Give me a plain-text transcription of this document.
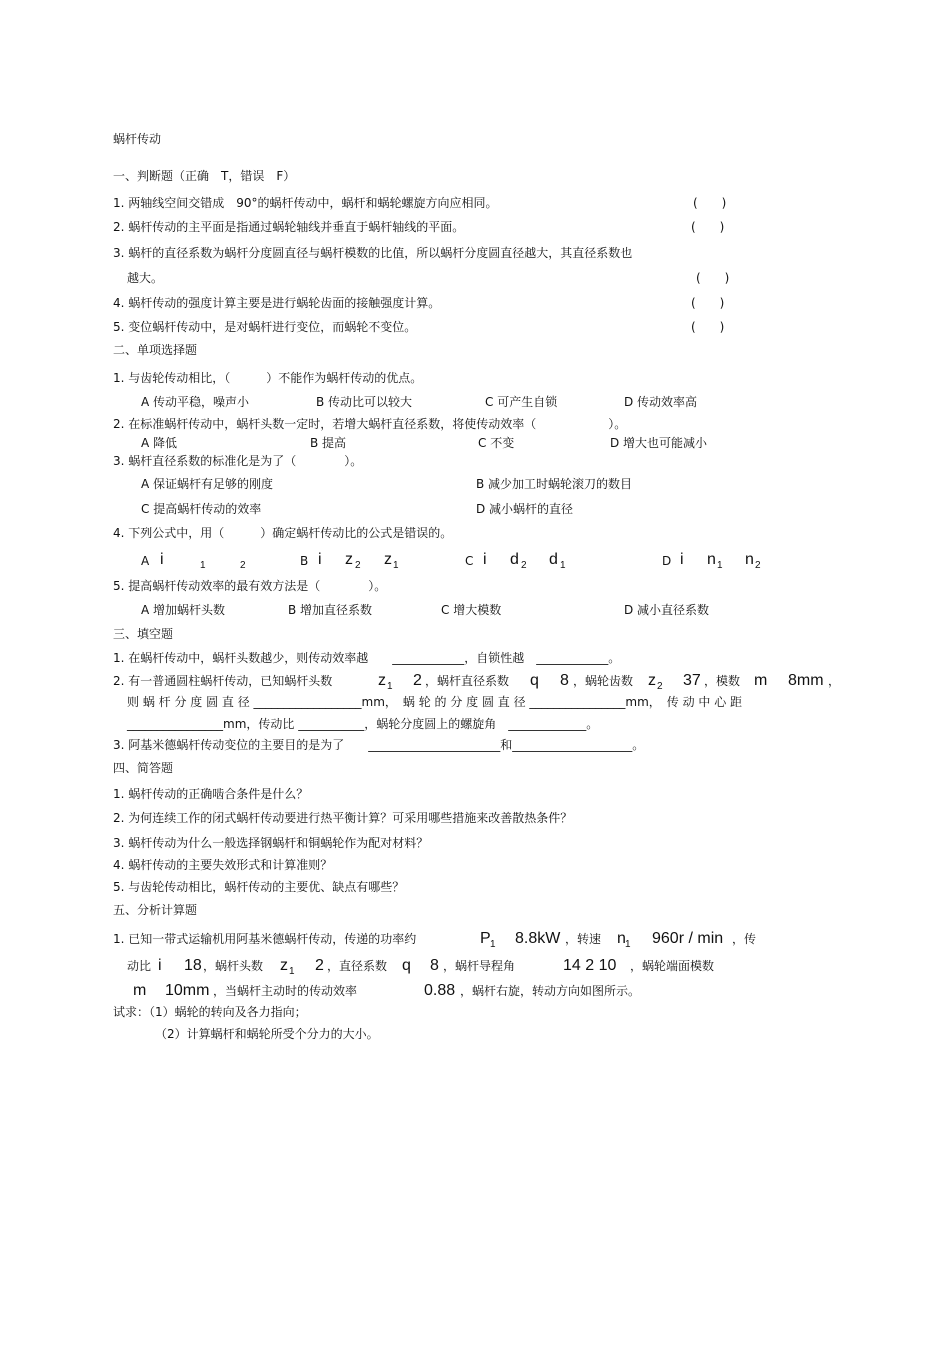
蜗杆传动
一、判断题（正确　T，错误　F）
1. 两轴线空间交错成　90°的蜗杆传动中，蜗杆和蜗轮螺旋方向应相同。	(　　)
2. 蜗杆传动的主平面是指通过蜗轮轴线并垂直于蜗杆轴线的平面。	(　　)
3. 蜗杆的直径系数为蜗杆分度圆直径与蜗杆模数的比值，所以蜗杆分度圆直径越大，其直径系数也
越大。	(　　)
4. 蜗杆传动的强度计算主要是进行蜗轮齿面的接触强度计算。	(　　)
5. 变位蜗杆传动中，是对蜗杆进行变位，而蜗轮不变位。	(　　)
二、单项选择题
1. 与齿轮传动相比，（　　　）不能作为蜗杆传动的优点。
A 传动平稳，噪声小	B 传动比可以较大	C 可产生自锁	D 传动效率高
2. 在标准蜗杆传动中，蜗杆头数一定时，若增大蜗杆直径系数，将使传动效率（　　　　　　）。
A 降低	B 提高	C 不变	D 增大也可能减小
3. 蜗杆直径系数的标准化是为了（　　　　）。
A 保证蜗杆有足够的刚度	B 减少加工时蜗轮滚刀的数目
C 提高蜗杆传动的效率	D 减小蜗杆的直径
4. 下列公式中，用（　　　）确定蜗杆传动比的公式是错误的。
A i	1	2	B i z 2 z 1	C i d 2 d 1	D i n 1 n 2
5. 提高蜗杆传动效率的最有效方法是（　　　　）。
A 增加蜗杆头数	B 增加直径系数	C 增大模数	D 减小直径系数
三、填空题
1. 在蜗杆传动中，蜗杆头数越少，则传动效率越　　____________，自锁性越　____________。
2. 有一普通圆柱蜗杆传动，已知蜗杆头数	z 1 2 ，蜗杆直径系数 q 8 ，蜗轮齿数 z 2 37 ，模数 m 8mm ，
则 蜗 杆 分 度 圆 直 径 __________________mm，　蜗 轮 的 分 度 圆 直 径 ________________mm，　传 动 中 心 距
________________mm，传动比 ___________，蜗轮分度圆上的螺旋角　_____________。
3. 阿基米德蜗杆传动变位的主要目的是为了　　______________________和____________________。
四、简答题
1. 蜗杆传动的正确啮合条件是什么？
2. 为何连续工作的闭式蜗杆传动要进行热平衡计算？可采用哪些措施来改善散热条件？
3. 蜗杆传动为什么一般选择钢蜗杆和铜蜗轮作为配对材料？
4. 蜗杆传动的主要失效形式和计算准则？
5. 与齿轮传动相比，蜗杆传动的主要优、缺点有哪些？
五、分析计算题
1. 已知一带式运输机用阿基米德蜗杆传动，传递的功率约	P 1 8.8kW ，转速 n 1 960r / min ，传
动比 i 18 ，蜗杆头数 z 1 2 ，直径系数 q 8 ，蜗杆导程角	14 2 10 ，蜗轮端面模数
m 10mm ，当蜗杆主动时的传动效率	0.88 ，蜗杆右旋，转动方向如图所示。
试求：（1）蜗轮的转向及各力指向；
（2）计算蜗杆和蜗轮所受个分力的大小。
